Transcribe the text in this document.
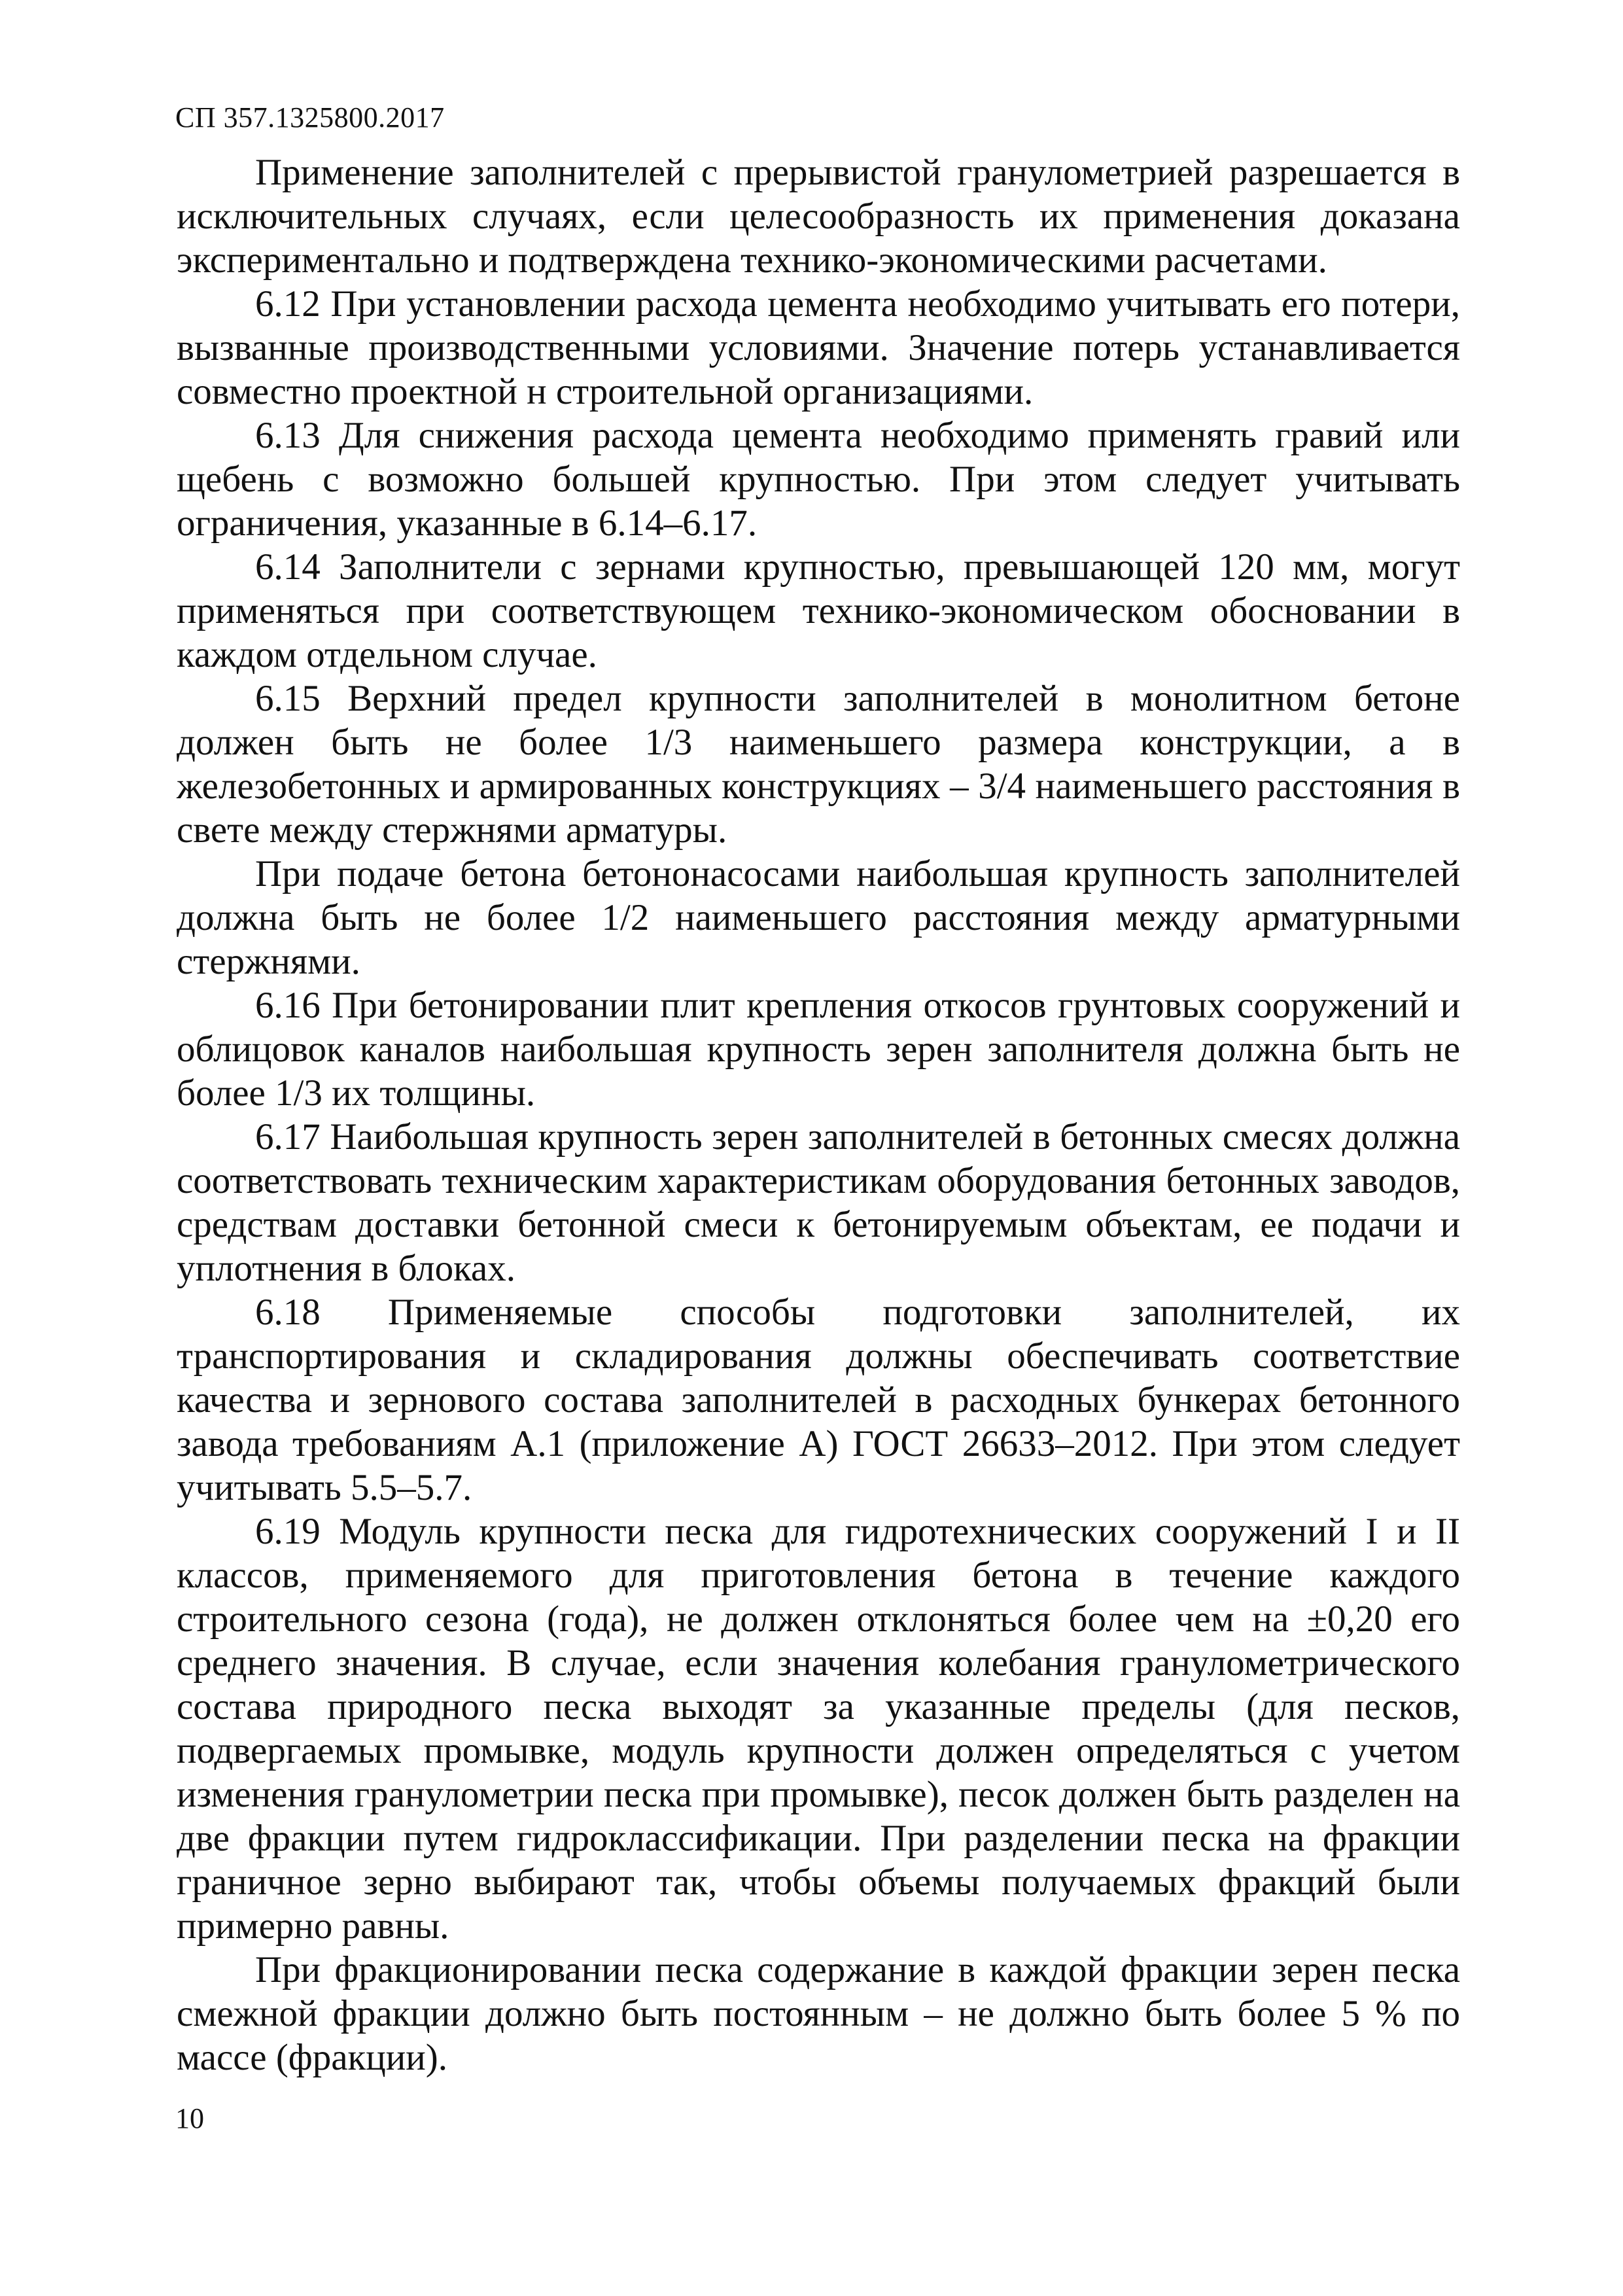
СП 357.1325800.2017

Применение заполнителей с прерывистой гранулометрией разрешается в исключительных случаях, если целесообразность их применения доказана экспериментально и подтверждена технико-экономическими расчетами.

6.12 При установлении расхода цемента необходимо учитывать его потери, вызванные производственными условиями. Значение потерь устанавливается совместно проектной н строительной организациями.

6.13 Для снижения расхода цемента необходимо применять гравий или щебень с возможно большей крупностью. При этом следует учитывать ограничения, указанные в 6.14–6.17.

6.14 Заполнители с зернами крупностью, превышающей 120 мм, могут применяться при соответствующем технико-экономическом обосновании в каждом отдельном случае.

6.15 Верхний предел крупности заполнителей в монолитном бетоне должен быть не более 1/3 наименьшего размера конструкции, а в железобетонных и армированных конструкциях – 3/4 наименьшего расстояния в свете между стержнями арматуры.

При подаче бетона бетононасосами наибольшая крупность заполнителей должна быть не более 1/2 наименьшего расстояния между арматурными стержнями.

6.16 При бетонировании плит крепления откосов грунтовых сооружений и облицовок каналов наибольшая крупность зерен заполнителя должна быть не более 1/3 их толщины.

6.17 Наибольшая крупность зерен заполнителей в бетонных смесях должна соответствовать техническим характеристикам оборудования бетонных заводов, средствам доставки бетонной смеси к бетонируемым объектам, ее подачи и уплотнения в блоках.

6.18 Применяемые способы подготовки заполнителей, их транспортирования и складирования должны обеспечивать соответствие качества и зернового состава заполнителей в расходных бункерах бетонного завода требованиям А.1 (приложение А) ГОСТ 26633–2012. При этом следует учитывать 5.5–5.7.

6.19 Модуль крупности песка для гидротехнических сооружений I и II классов, применяемого для приготовления бетона в течение каждого строительного сезона (года), не должен отклоняться более чем на ±0,20 его среднего значения. В случае, если значения колебания гранулометрического состава природного песка выходят за указанные пределы (для песков, подвергаемых промывке, модуль крупности должен определяться с учетом изменения гранулометрии песка при промывке), песок должен быть разделен на две фракции путем гидроклассификации. При разделении песка на фракции граничное зерно выбирают так, чтобы объемы получаемых фракций были примерно равны.

При фракционировании песка содержание в каждой фракции зерен песка смежной фракции должно быть постоянным – не должно быть более 5 % по массе (фракции).

10
